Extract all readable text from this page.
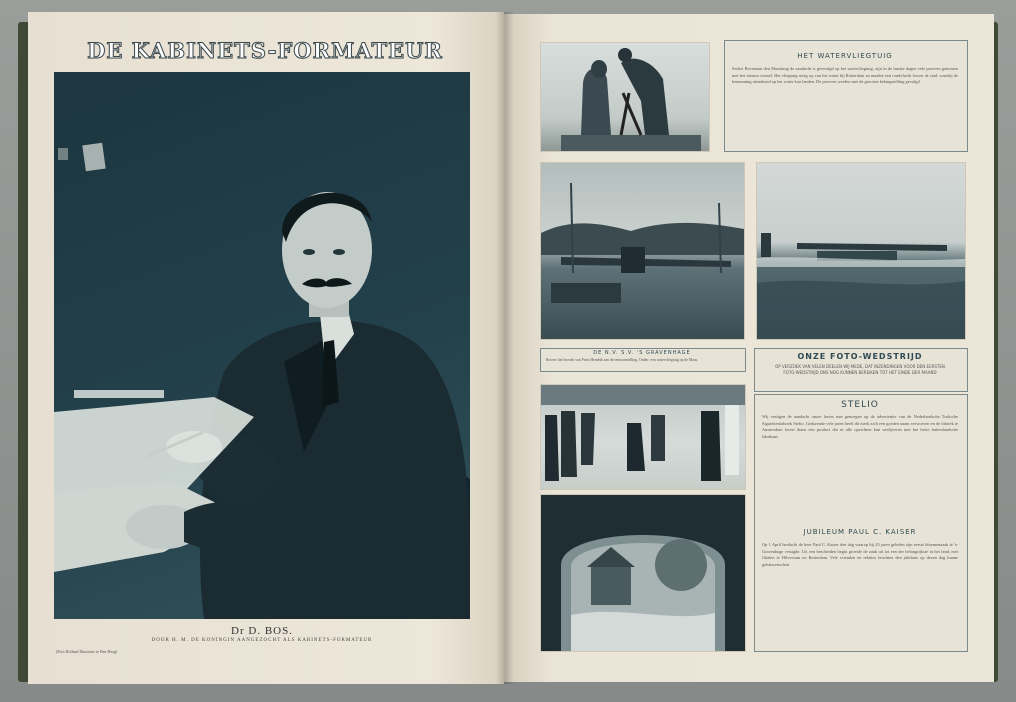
DE KABINETS-FORMATEUR
Dr D. BOS.
DOOR H. M. DE KONINGIN AANGEZOCHT ALS KABINETS-FORMATEUR
(Foto Holland Illustratie te Den Haag)
HET WATERVLIEGTUIG
Sedert Bovenaan den Maasbrug de aandacht is gevestigd op het watervliegtuig, zijn in de laatste dagen vele proeven genomen met het nieuwe toestel. Het vliegtuig steeg op van het water bij Rotterdam en maakte een rondvlucht boven de stad, waarbij de bemanning uitstekend op het water kon landen. De proeven werden met de grootste belangstelling gevolgd.
DE N.V. S.V. 'S GRAVENHAGE
Boven: het bezoek van Prins Hendrik aan de tentoonstelling. Onder: een watervliegtuig op de Maas.	ONZE FOTO-WEDSTRIJD
OP VERZOEK VAN VELEN DEELEN WIJ MEDE, DAT INZENDINGEN VOOR DEN EERSTEN FOTO-WEDSTRIJD ONS NOG KUNNEN BEREIKEN TOT HET EINDE DER MAAND
STELIO
Wij vestigen de aandacht onzer lezers met genoegen op de advertentie van de Nederlandsche Turksche Sigarettenfabriek Stelio. Gedurende vele jaren heeft dit merk zich een goeden naam verworven en de fabriek te Amsterdam levert thans een product dat in alle opzichten kan wedijveren met het beste buitenlandsche fabrikaat.
JUBILEUM PAUL C. KAISER
Op 1 April herdacht de heer Paul C. Kaiser den dag waarop hij 25 jaren geleden zijn eerste bloemenzaak te 's-Gravenhage vestigde. Uit een bescheiden begin groeide de zaak uit tot een der belangrijkste in het land, met filialen te Hilversum en Rotterdam. Vele vrienden en relaties brachten den jubilaris op dezen dag hunne gelukwenschen.
